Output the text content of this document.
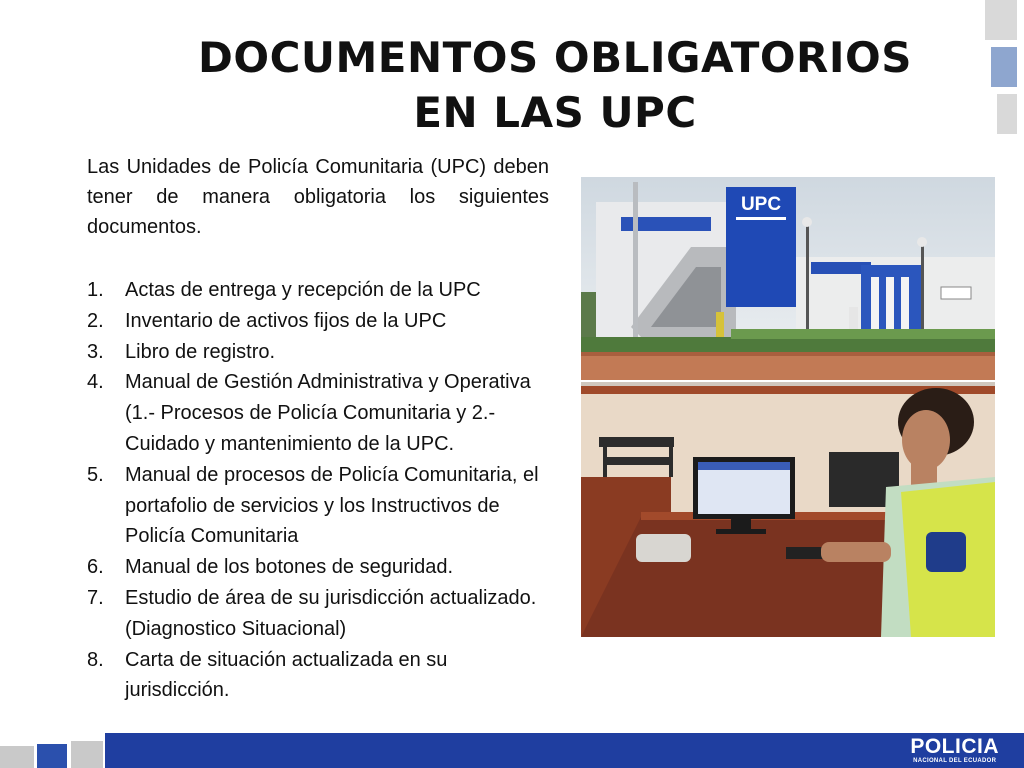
DOCUMENTOS OBLIGATORIOS
EN LAS UPC
Las Unidades de Policía Comunitaria (UPC) deben tener de manera obligatoria los siguientes documentos.
1.	Actas de entrega y recepción de la UPC
2.	Inventario de activos fijos de la UPC
3.	Libro de registro.
4.	Manual de Gestión Administrativa y Operativa (1.- Procesos de Policía Comunitaria y 2.- Cuidado y mantenimiento de la UPC.
5.	Manual de procesos de Policía Comunitaria, el portafolio de servicios y los Instructivos de Policía Comunitaria
6.	Manual de los botones de seguridad.
7.	Estudio de área de su jurisdicción actualizado. (Diagnostico Situacional)
8.	Carta de situación actualizada en su jurisdicción.
UPC
POLICIA
NACIONAL DEL ECUADOR
